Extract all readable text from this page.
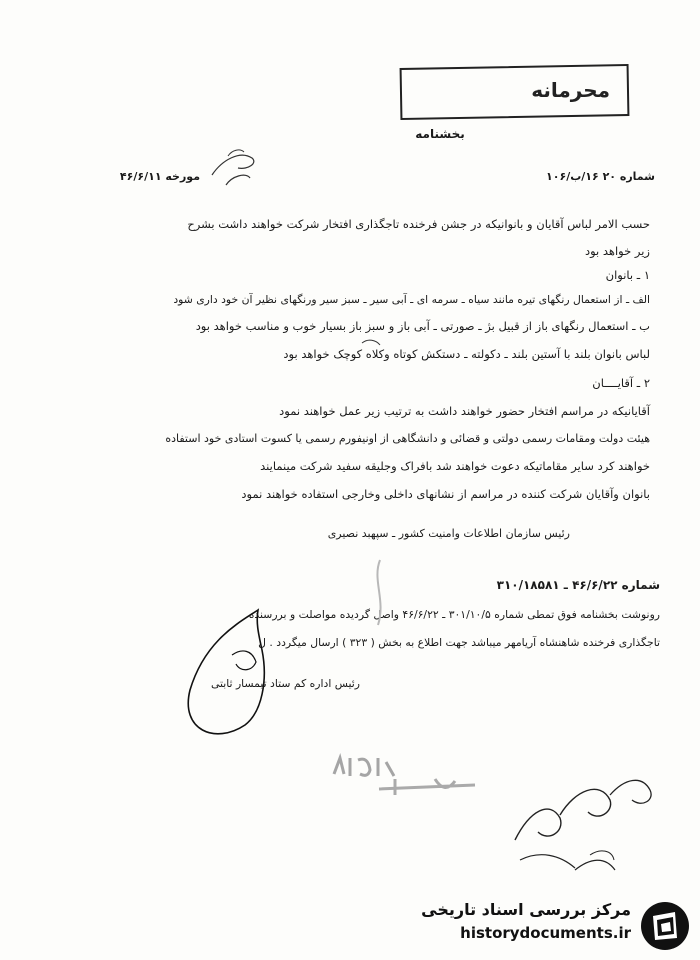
محرمانه
بخشنامه
شماره ۲۰ ۱۶/ب/۱۰۶
مورخه ۴۶/۶/۱۱
حسب الامر لباس آقایان و بانوانیکه در جشن فرخنده تاجگذاری افتخار شرکت خواهند داشت بشرح
زیر خواهد بود
۱ ـ بانوان
الف ـ از استعمال رنگهای تیره مانند سیاه ـ سرمه ای ـ آبی سیر ـ سبز سیر ورنگهای نظیر آن خود داری شود
ب ـ استعمال رنگهای باز از قبیل بژ ـ صورتی ـ آبی باز و سبز باز بسیار خوب و مناسب خواهد بود
لباس بانوان بلند با آستین بلند ـ دکولته ـ دستکش کوتاه وکلاه کوچک خواهد بود
۲ ـ آقایــــان
آقایانیکه در مراسم افتخار حضور خواهند داشت به ترتیب زیر عمل خواهند نمود
هیئت دولت ومقامات رسمی دولتی و قضائی و دانشگاهی از اونیفورم رسمی یا کسوت استادی خود استفاده
خواهند کرد سایر مقاماتیکه دعوت خواهند شد بافراک وجلیقه سفید شرکت مینمایند
بانوان وآقایان شرکت کننده در مراسم از نشانهای داخلی وخارجی استفاده خواهند نمود
رئیس سازمان اطلاعات وامنیت کشور ـ سپهبد نصیری
شماره ۴۶/۶/۲۲ ـ ۳۱۰/۱۸۵۸۱
رونوشت بخشنامه فوق تمطی شماره ۳۰۱/۱۰/۵ ـ ۴۶/۶/۲۲ واصل گردیده مواصلت و بررسنده
تاجگذاری فرخنده شاهنشاه آریامهر میباشد جهت اطلاع به بخش ( ۳۲۳ ) ارسال میگردد . ل
رئیس اداره کم ستاد تیمسار ثابتی
مرکز بررسی اسناد تاریخی
historydocuments.ir
